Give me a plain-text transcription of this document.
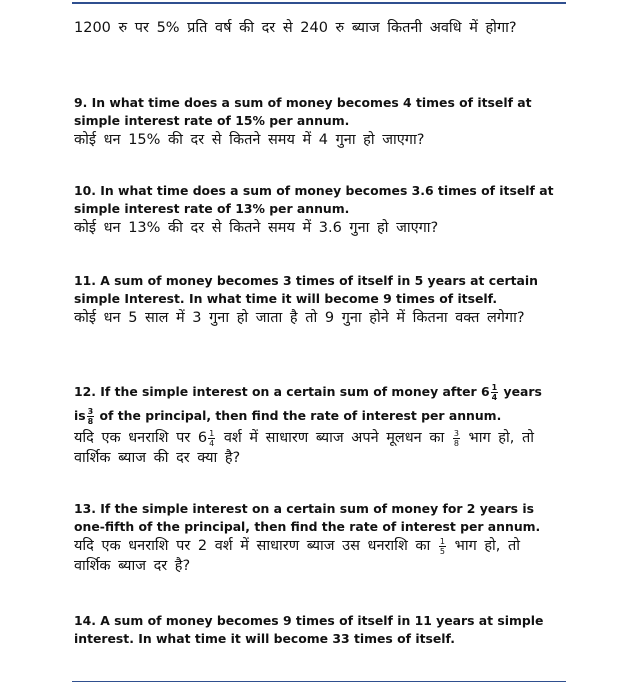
1200 रु पर 5% प्रति वर्ष की दर से 240 रु ब्याज कितनी अवधि में होगा?
9. In what time does a sum of money becomes 4 times of itself at simple interest rate of 15% per annum.
कोई धन 15% की दर से कितने समय में 4 गुना हो जाएगा?
10. In what time does a sum of money becomes 3.6 times of itself at simple interest rate of 13% per annum.
कोई धन 13% की दर से कितने समय में 3.6 गुना हो जाएगा?
11. A sum of money becomes 3 times of itself in 5 years at certain simple Interest. In what time it will become 9 times of itself.
कोई धन 5 साल में 3 गुना हो जाता है तो 9 गुना होने में कितना वक्त लगेगा?
12. If the simple interest on a certain sum of money after $6 \frac{1}{4}$ years is $\frac{3}{8}$ of the principal, then find the rate of interest per annum.
यदि एक धनराशि पर $6 \frac{1}{4}$ वर्श में साधारण ब्याज अपने मूलधन का $\frac{3}{8}$ भाग हो, तो वार्शिक ब्याज की दर क्या है?
13. If the simple interest on a certain sum of money for 2 years is one-fifth of the principal, then find the rate of interest per annum.
यदि एक धनराशि पर 2 वर्श में साधारण ब्याज उस धनराशि का $\frac{1}{5}$ भाग हो, तो वार्शिक ब्याज दर है?
14. A sum of money becomes 9 times of itself in 11 years at simple interest. In what time it will become 33 times of itself.
